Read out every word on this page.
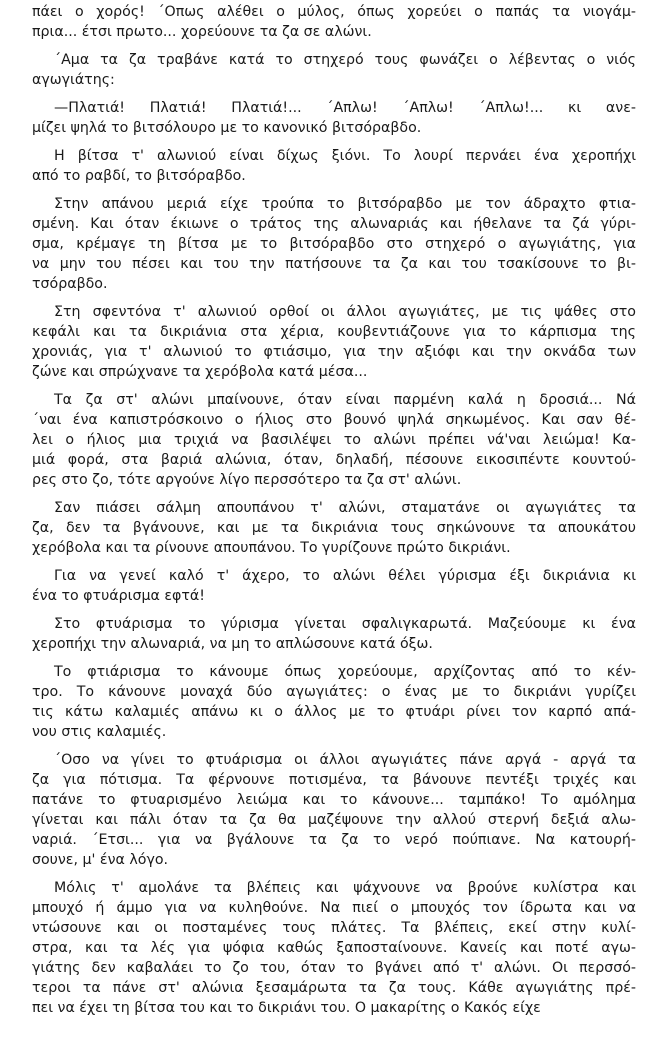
πάει ο χορός! ΄Οπως αλέθει ο μύλος, όπως χορεύει ο παπάς τα νιογάμ-
πρια... έτσι πρωτο... χορεύουνε τα ζα σε αλώνι.
΄Αμα τα ζα τραβάνε κατά το στηχερό τους φωνάζει ο λέβεντας ο νιός
αγωγιάτης:
—Πλατιά! Πλατιά! Πλατιά!... ΄Απλω! ΄Απλω! ΄Απλω!... κι ανε-
μίζει ψηλά το βιτσόλουρο με το κανονικό βιτσόραβδο.
Η βίτσα τ' αλωνιού είναι δίχως ξιόνι. Το λουρί περνάει ένα χεροπήχι
από το ραβδί, το βιτσόραβδο.
Στην απάνου μεριά είχε τρούπα το βιτσόραβδο με τον άδραχτο φτια-
σμένη. Και όταν έκιωνε ο τράτος της αλωναριάς και ήθελανε τα ζά γύρι-
σμα, κρέμαγε τη βίτσα με το βιτσόραβδο στο στηχερό ο αγωγιάτης, για
να μην του πέσει και του την πατήσουνε τα ζα και του τσακίσουνε το βι-
τσόραβδο.
Στη σφεντόνα τ' αλωνιού ορθοί οι άλλοι αγωγιάτες, με τις ψάθες στο
κεφάλι και τα δικριάνια στα χέρια, κουβεντιάζουνε για το κάρπισμα της
χρονιάς, για τ' αλωνιού το φτιάσιμο, για την αξιόφι και την οκνάδα των
ζώνε και σπρώχνανε τα χερόβολα κατά μέσα...
Τα ζα στ' αλώνι μπαίνουνε, όταν είναι παρμένη καλά η δροσιά... Νά
΄ναι ένα καπιστρόσκοινο ο ήλιος στο βουνό ψηλά σηκωμένος. Και σαν θέ-
λει ο ήλιος μια τριχιά να βασιλέψει το αλώνι πρέπει νά'ναι λειώμα! Κα-
μιά φορά, στα βαριά αλώνια, όταν, δηλαδή, πέσουνε εικοσιπέντε κουντού-
ρες στο ζο, τότε αργούνε λίγο περσσότερο τα ζα στ' αλώνι.
Σαν πιάσει σάλμη απουπάνου τ' αλώνι, σταματάνε οι αγωγιάτες τα
ζα, δεν τα βγάνουνε, και με τα δικριάνια τους σηκώνουνε τα απουκάτου
χερόβολα και τα ρίνουνε απουπάνου. Το γυρίζουνε πρώτο δικριάνι.
Για να γενεί καλό τ' άχερο, το αλώνι θέλει γύρισμα έξι δικριάνια κι
ένα το φτυάρισμα εφτά!
Στο φτυάρισμα το γύρισμα γίνεται σφαλιγκαρωτά. Μαζεύουμε κι ένα
χεροπήχι την αλωναριά, να μη το απλώσουνε κατά όξω.
Το φτιάρισμα το κάνουμε όπως χορεύουμε, αρχίζοντας από το κέν-
τρο. Το κάνουνε μοναχά δύο αγωγιάτες: ο ένας με το δικριάνι γυρίζει
τις κάτω καλαμιές απάνω κι ο άλλος με το φτυάρι ρίνει τον καρπό απά-
νου στις καλαμιές.
΄Οσο να γίνει το φτυάρισμα οι άλλοι αγωγιάτες πάνε αργά - αργά τα
ζα για πότισμα. Τα φέρνουνε ποτισμένα, τα βάνουνε πεντέξι τριχές και
πατάνε το φτυαρισμένο λειώμα και το κάνουνε... ταμπάκο! Το αμόλημα
γίνεται και πάλι όταν τα ζα θα μαζέψουνε την αλλού στερνή δεξιά αλω-
ναριά. ΄Ετσι... για να βγάλουνε τα ζα το νερό πούπιανε. Να κατουρή-
σουνε, μ' ένα λόγο.
Μόλις τ' αμολάνε τα βλέπεις και ψάχνουνε να βρούνε κυλίστρα και
μπουχό ή άμμο για να κυληθούνε. Να πιεί ο μπουχός τον ίδρωτα και να
ντώσουνε και οι ποσταμένες τους πλάτες. Τα βλέπεις, εκεί στην κυλί-
στρα, και τα λές για ψόφια καθώς ξαποσταίνουνε. Κανείς και ποτέ αγω-
γιάτης δεν καβαλάει το ζο του, όταν το βγάνει από τ' αλώνι. Οι περσσό-
τεροι τα πάνε στ' αλώνια ξεσαμάρωτα τα ζα τους. Κάθε αγωγιάτης πρέ-
πει να έχει τη βίτσα του και το δικριάνι του. Ο μακαρίτης ο Κακός είχε
